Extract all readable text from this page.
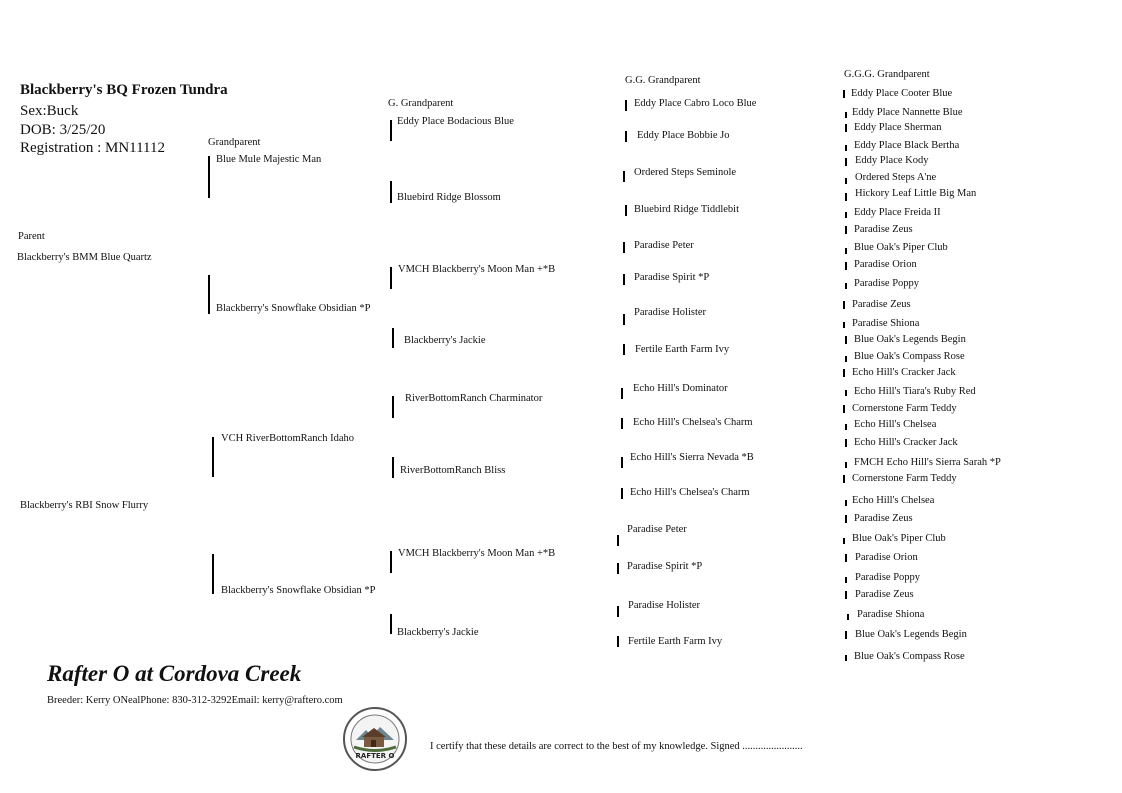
Blackberry's BQ Frozen Tundra
Sex:Buck
DOB: 3/25/20
Registration : MN11112
Parent
Grandparent
G. Grandparent
G.G. Grandparent
G.G.G. Grandparent
Blackberry's BMM Blue Quartz
Blackberry's RBI Snow Flurry
Blue Mule Majestic Man
Blackberry's Snowflake Obsidian *P
VCH RiverBottomRanch Idaho
Blackberry's Snowflake Obsidian *P
Eddy Place Bodacious Blue
Bluebird Ridge Blossom
VMCH Blackberry's Moon Man +*B
Blackberry's Jackie
RiverBottomRanch Charminator
RiverBottomRanch Bliss
VMCH Blackberry's Moon Man +*B
Blackberry's Jackie
Eddy Place Cabro Loco Blue
Eddy Place Bobbie Jo
Ordered Steps Seminole
Bluebird Ridge Tiddlebit
Paradise Peter
Paradise Spirit *P
Paradise Holister
Fertile Earth Farm Ivy
Echo Hill's Dominator
Echo Hill's Chelsea's Charm
Echo Hill's Sierra Nevada *B
Echo Hill's Chelsea's Charm
Paradise Peter
Paradise Spirit *P
Paradise Holister
Fertile Earth Farm Ivy
Eddy Place Cooter Blue
Eddy Place Nannette Blue
Eddy Place Sherman
Eddy Place Black Bertha
Eddy Place Kody
Ordered Steps A'ne
Hickory Leaf Little Big Man
Eddy Place Freida II
Paradise Zeus
Blue Oak's Piper Club
Paradise Orion
Paradise Poppy
Paradise Zeus
Paradise Shiona
Blue Oak's Legends Begin
Blue Oak's Compass Rose
Echo Hill's Cracker Jack
Echo Hill's Tiara's Ruby Red
Cornerstone Farm Teddy
Echo Hill's Chelsea
Echo Hill's Cracker Jack
FMCH Echo Hill's Sierra Sarah *P
Cornerstone Farm Teddy
Echo Hill's Chelsea
Paradise Zeus
Blue Oak's Piper Club
Paradise Orion
Paradise Poppy
Paradise Zeus
Paradise Shiona
Blue Oak's Legends Begin
Blue Oak's Compass Rose
Rafter O at Cordova Creek
Breeder: Kerry ONealPhone: 830-312-3292Email: kerry@raftero.com
RAFTER O
I certify that these details are correct to the best of my knowledge. Signed .......................
